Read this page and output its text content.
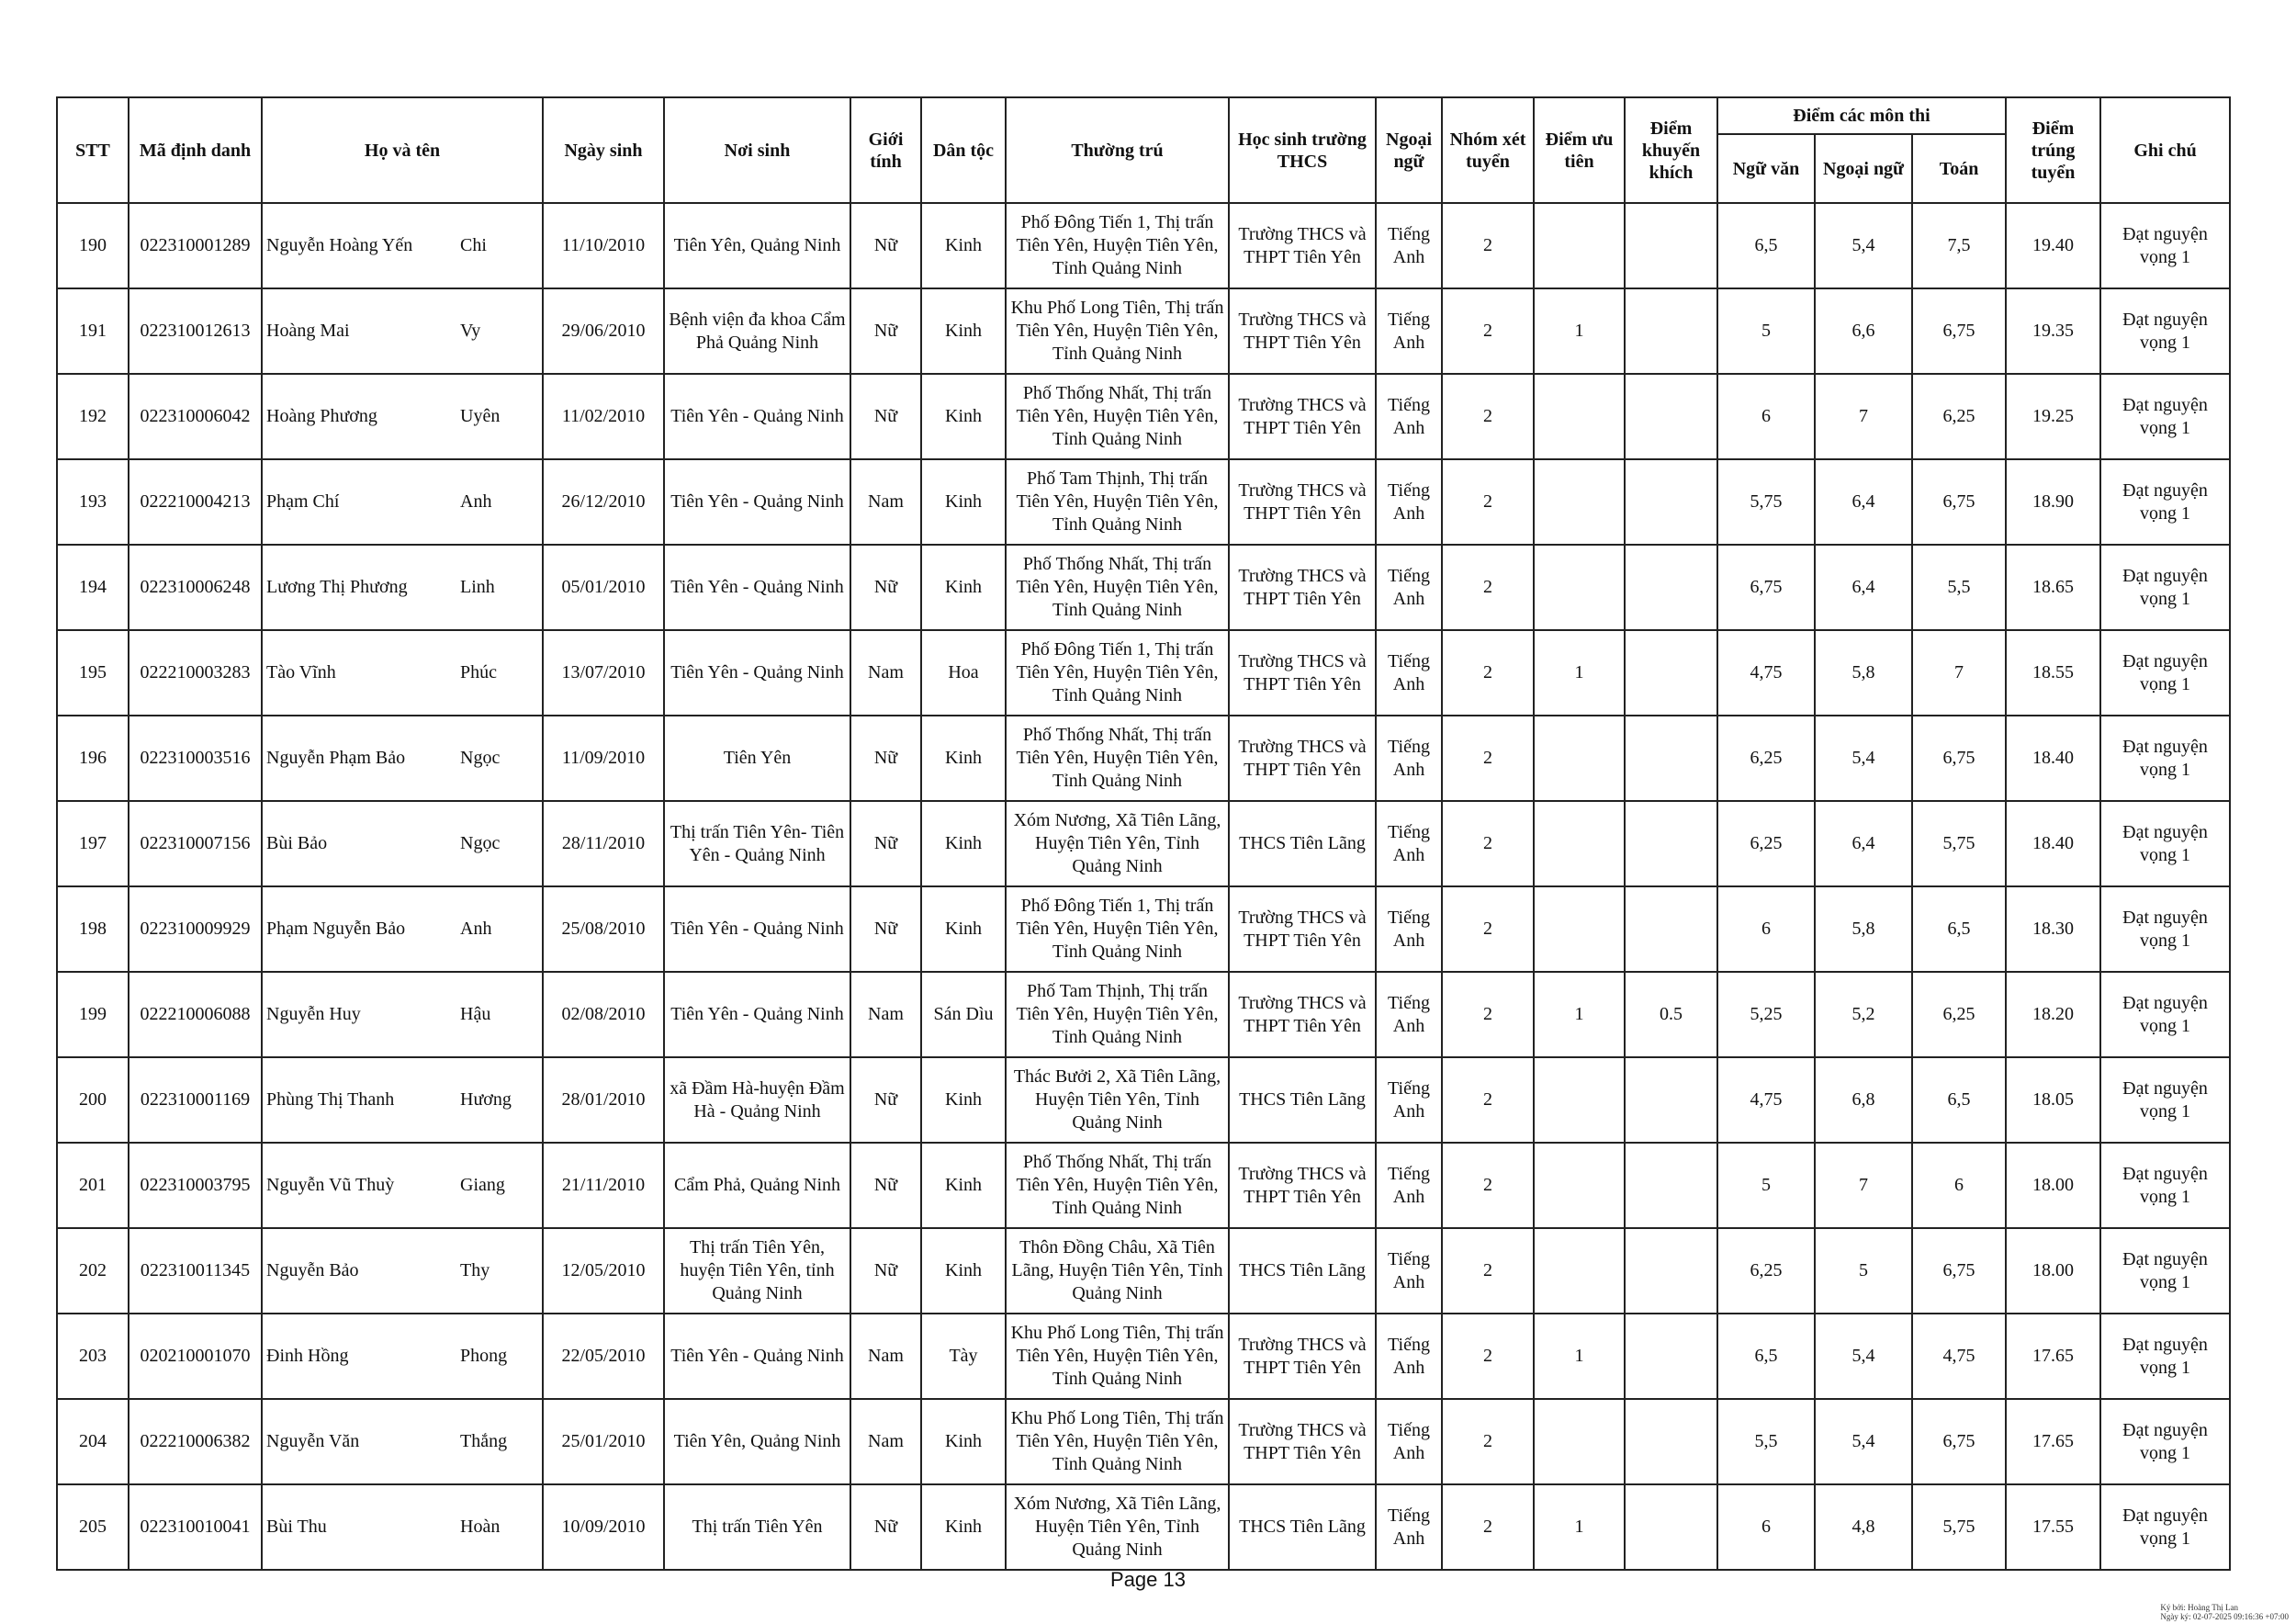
STT	Mã định danh	Họ và tên		Ngày sinh	Nơi sinh	Giới tính	Dân tộc	Thường trú	Học sinh trường THCS	Ngoại ngữ	Nhóm xét tuyển	Điểm ưu tiên	Điểm khuyến khích	Điểm các môn thi			Điểm trúng tuyển	Ghi chú
														Ngữ văn	Ngoại ngữ	Toán		
190	022310001289	Nguyễn Hoàng Yến	Chi	11/10/2010	Tiên Yên, Quảng Ninh	Nữ	Kinh	Phố Đông Tiến 1, Thị trấn Tiên Yên, Huyện Tiên Yên, Tỉnh Quảng Ninh	Trường THCS và THPT Tiên Yên	Tiếng Anh	2			6,5	5,4	7,5	19.40	Đạt nguyện vọng 1
191	022310012613	Hoàng Mai	Vy	29/06/2010	Bệnh viện đa khoa Cẩm Phả Quảng Ninh	Nữ	Kinh	Khu Phố Long Tiên, Thị trấn Tiên Yên, Huyện Tiên Yên, Tỉnh Quảng Ninh	Trường THCS và THPT Tiên Yên	Tiếng Anh	2	1		5	6,6	6,75	19.35	Đạt nguyện vọng 1
192	022310006042	Hoàng Phương	Uyên	11/02/2010	Tiên Yên - Quảng Ninh	Nữ	Kinh	Phố Thống Nhất, Thị trấn Tiên Yên, Huyện Tiên Yên, Tỉnh Quảng Ninh	Trường THCS và THPT Tiên Yên	Tiếng Anh	2			6	7	6,25	19.25	Đạt nguyện vọng 1
193	022210004213	Phạm Chí	Anh	26/12/2010	Tiên Yên - Quảng Ninh	Nam	Kinh	Phố Tam Thịnh, Thị trấn Tiên Yên, Huyện Tiên Yên, Tỉnh Quảng Ninh	Trường THCS và THPT Tiên Yên	Tiếng Anh	2			5,75	6,4	6,75	18.90	Đạt nguyện vọng 1
194	022310006248	Lương Thị Phương	Linh	05/01/2010	Tiên Yên - Quảng Ninh	Nữ	Kinh	Phố Thống Nhất, Thị trấn Tiên Yên, Huyện Tiên Yên, Tỉnh Quảng Ninh	Trường THCS và THPT Tiên Yên	Tiếng Anh	2			6,75	6,4	5,5	18.65	Đạt nguyện vọng 1
195	022210003283	Tào Vĩnh	Phúc	13/07/2010	Tiên Yên - Quảng Ninh	Nam	Hoa	Phố Đông Tiến 1, Thị trấn Tiên Yên, Huyện Tiên Yên, Tỉnh Quảng Ninh	Trường THCS và THPT Tiên Yên	Tiếng Anh	2	1		4,75	5,8	7	18.55	Đạt nguyện vọng 1
196	022310003516	Nguyễn Phạm Bảo	Ngọc	11/09/2010	Tiên Yên	Nữ	Kinh	Phố Thống Nhất, Thị trấn Tiên Yên, Huyện Tiên Yên, Tỉnh Quảng Ninh	Trường THCS và THPT Tiên Yên	Tiếng Anh	2			6,25	5,4	6,75	18.40	Đạt nguyện vọng 1
197	022310007156	Bùi Bảo	Ngọc	28/11/2010	Thị trấn Tiên Yên- Tiên Yên - Quảng Ninh	Nữ	Kinh	Xóm Nương, Xã Tiên Lãng, Huyện Tiên Yên, Tỉnh Quảng Ninh	THCS Tiên Lãng	Tiếng Anh	2			6,25	6,4	5,75	18.40	Đạt nguyện vọng 1
198	022310009929	Phạm Nguyễn Bảo	Anh	25/08/2010	Tiên Yên - Quảng Ninh	Nữ	Kinh	Phố Đông Tiến 1, Thị trấn Tiên Yên, Huyện Tiên Yên, Tỉnh Quảng Ninh	Trường THCS và THPT Tiên Yên	Tiếng Anh	2			6	5,8	6,5	18.30	Đạt nguyện vọng 1
199	022210006088	Nguyễn Huy	Hậu	02/08/2010	Tiên Yên - Quảng Ninh	Nam	Sán Dìu	Phố Tam Thịnh, Thị trấn Tiên Yên, Huyện Tiên Yên, Tỉnh Quảng Ninh	Trường THCS và THPT Tiên Yên	Tiếng Anh	2	1	0.5	5,25	5,2	6,25	18.20	Đạt nguyện vọng 1
200	022310001169	Phùng Thị Thanh	Hương	28/01/2010	xã Đầm Hà-huyện Đầm Hà - Quảng Ninh	Nữ	Kinh	Thác Bưởi 2, Xã Tiên Lãng, Huyện Tiên Yên, Tỉnh Quảng Ninh	THCS Tiên Lãng	Tiếng Anh	2			4,75	6,8	6,5	18.05	Đạt nguyện vọng 1
201	022310003795	Nguyễn Vũ Thuỳ	Giang	21/11/2010	Cẩm Phả, Quảng Ninh	Nữ	Kinh	Phố Thống Nhất, Thị trấn Tiên Yên, Huyện Tiên Yên, Tỉnh Quảng Ninh	Trường THCS và THPT Tiên Yên	Tiếng Anh	2			5	7	6	18.00	Đạt nguyện vọng 1
202	022310011345	Nguyễn Bảo	Thy	12/05/2010	Thị trấn Tiên Yên, huyện Tiên Yên, tỉnh Quảng Ninh	Nữ	Kinh	Thôn Đồng Châu, Xã Tiên Lãng, Huyện Tiên Yên, Tỉnh Quảng Ninh	THCS Tiên Lãng	Tiếng Anh	2			6,25	5	6,75	18.00	Đạt nguyện vọng 1
203	020210001070	Đinh Hồng	Phong	22/05/2010	Tiên Yên - Quảng Ninh	Nam	Tày	Khu Phố Long Tiên, Thị trấn Tiên Yên, Huyện Tiên Yên, Tỉnh Quảng Ninh	Trường THCS và THPT Tiên Yên	Tiếng Anh	2	1		6,5	5,4	4,75	17.65	Đạt nguyện vọng 1
204	022210006382	Nguyễn Văn	Thắng	25/01/2010	Tiên Yên, Quảng Ninh	Nam	Kinh	Khu Phố Long Tiên, Thị trấn Tiên Yên, Huyện Tiên Yên, Tỉnh Quảng Ninh	Trường THCS và THPT Tiên Yên	Tiếng Anh	2			5,5	5,4	6,75	17.65	Đạt nguyện vọng 1
205	022310010041	Bùi Thu	Hoàn	10/09/2010	Thị trấn Tiên Yên	Nữ	Kinh	Xóm Nương, Xã Tiên Lãng, Huyện Tiên Yên, Tỉnh Quảng Ninh	THCS Tiên Lãng	Tiếng Anh	2	1		6	4,8	5,75	17.55	Đạt nguyện vọng 1
Page 13
Ký bởi: Hoàng Thị Lan
Ngày ký: 02-07-2025 09:16:36 +07:00
